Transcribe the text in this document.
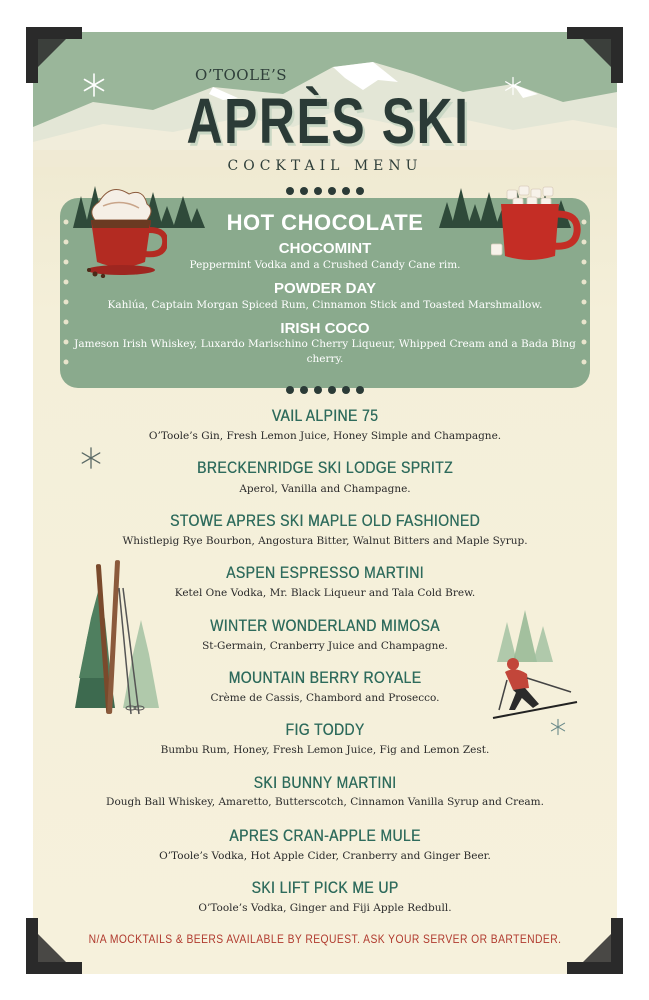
O’TOOLE’S
APRÈS SKI
COCKTAIL MENU
HOT CHOCOLATE
CHOCOMINT
Peppermint Vodka and a Crushed Candy Cane rim.
POWDER DAY
Kahlúa, Captain Morgan Spiced Rum, Cinnamon Stick and Toasted Marshmallow.
IRISH COCO
Jameson Irish Whiskey, Luxardo Marischino Cherry Liqueur, Whipped Cream and a Bada Bing cherry.
VAIL ALPINE 75
O’Toole’s Gin, Fresh Lemon Juice, Honey Simple and Champagne.
BRECKENRIDGE SKI LODGE SPRITZ
Aperol, Vanilla and Champagne.
STOWE APRES SKI MAPLE OLD FASHIONED
Whistlepig Rye Bourbon, Angostura Bitter, Walnut Bitters and Maple Syrup.
ASPEN ESPRESSO MARTINI
Ketel One Vodka, Mr. Black Liqueur and Tala Cold Brew.
WINTER WONDERLAND MIMOSA
St-Germain, Cranberry Juice and Champagne.
MOUNTAIN BERRY ROYALE
Crème de Cassis, Chambord and Prosecco.
FIG TODDY
Bumbu Rum, Honey, Fresh Lemon Juice, Fig and Lemon Zest.
SKI BUNNY MARTINI
Dough Ball Whiskey, Amaretto, Butterscotch, Cinnamon Vanilla Syrup and Cream.
APRES CRAN-APPLE MULE
O’Toole’s Vodka, Hot Apple Cider, Cranberry and Ginger Beer.
SKI LIFT PICK ME UP
O’Toole’s Vodka, Ginger and Fiji Apple Redbull.
N/A MOCKTAILS & BEERS AVAILABLE BY REQUEST. ASK YOUR SERVER OR BARTENDER.
